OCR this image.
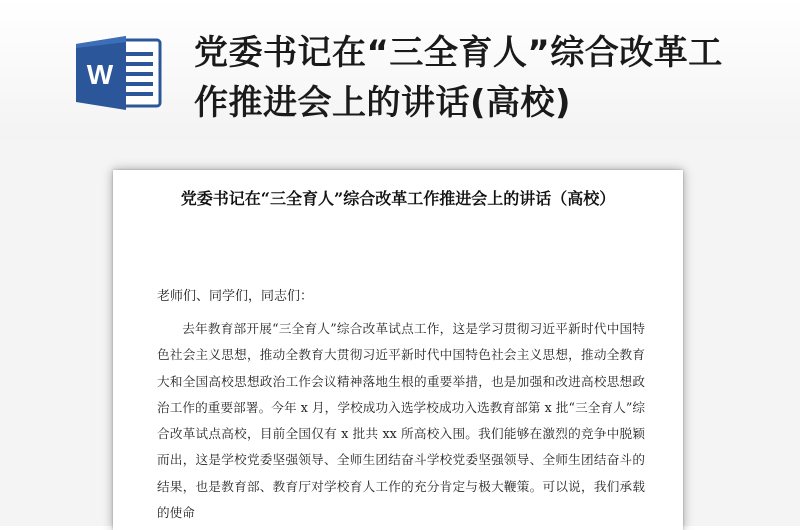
W
党委书记在“三全育人”综合改革工作推进会上的讲话(高校)

党委书记在“三全育人”综合改革工作推进会上的讲话（高校）

老师们、同学们，同志们：

去年教育部开展“三全育人”综合改革试点工作，这是学习贯彻习近平新时代中国特色社会主义思想，推动全教育大贯彻习近平新时代中国特色社会主义思想，推动全教育大和全国高校思想政治工作会议精神落地生根的重要举措，也是加强和改进高校思想政治工作的重要部署。今年 x 月，学校成功入选学校成功入选教育部第 x 批“三全育人”综合改革试点高校，目前全国仅有 x 批共 xx 所高校入围。我们能够在激烈的竞争中脱颖而出，这是学校党委坚强领导、全师生团结奋斗学校党委坚强领导、全师生团结奋斗的结果，也是教育部、教育厅对学校育人工作的充分肯定与极大鞭策。可以说，我们承载的使命
